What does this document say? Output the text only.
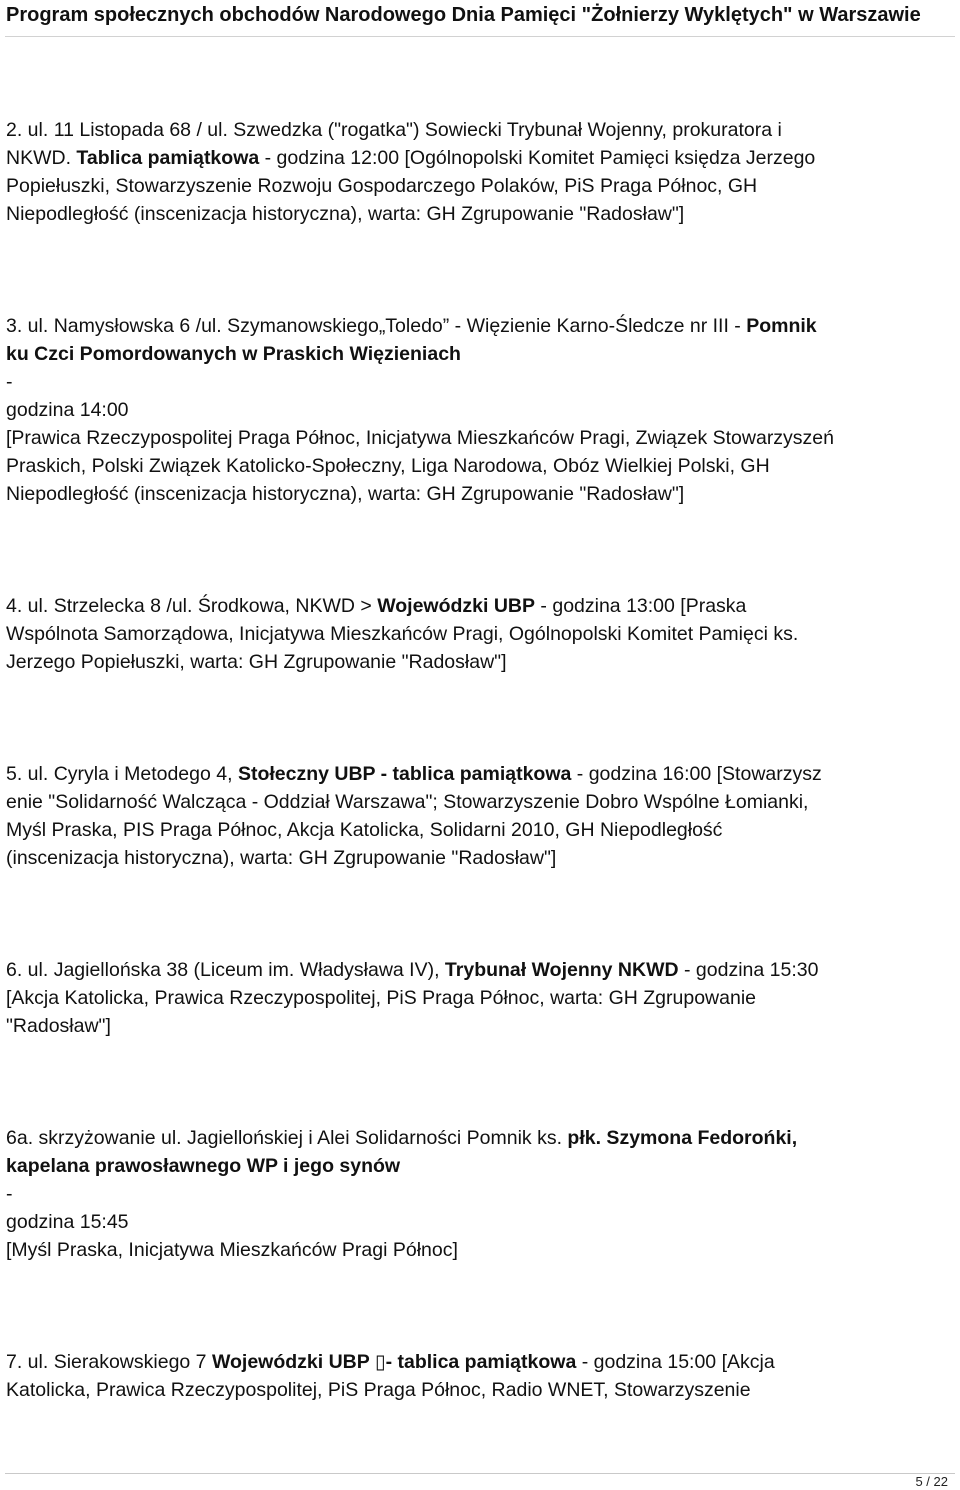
Program społecznych obchodów Narodowego Dnia Pamięci "Żołnierzy Wyklętych" w Warszawie
2. ul. 11 Listopada 68 / ul. Szwedzka ("rogatka") Sowiecki Trybunał Wojenny, prokuratora i
NKWD. Tablica pamiątkowa - godzina 12:00 [Ogólnopolski Komitet Pamięci księdza Jerzego
Popiełuszki, Stowarzyszenie Rozwoju Gospodarczego Polaków, PiS Praga Północ, GH
Niepodległość (inscenizacja historyczna), warta: GH Zgrupowanie "Radosław"]
3. ul. Namysłowska 6 /ul. Szymanowskiego„Toledo” - Więzienie Karno-Śledcze nr III - Pomnik
ku Czci Pomordowanych w Praskich Więzieniach
-
godzina 14:00
[Prawica Rzeczypospolitej Praga Północ, Inicjatywa Mieszkańców Pragi, Związek Stowarzyszeń
Praskich, Polski Związek Katolicko-Społeczny, Liga Narodowa, Obóz Wielkiej Polski, GH
Niepodległość (inscenizacja historyczna), warta: GH Zgrupowanie "Radosław"]
4. ul. Strzelecka 8 /ul. Środkowa, NKWD > Wojewódzki UBP - godzina 13:00 [Praska
Wspólnota Samorządowa, Inicjatywa Mieszkańców Pragi, Ogólnopolski Komitet Pamięci ks.
Jerzego Popiełuszki, warta: GH Zgrupowanie "Radosław"]
5. ul. Cyryla i Metodego 4, Stołeczny UBP - tablica pamiątkowa - godzina 16:00 [Stowarzysz
enie "Solidarność Walcząca - Oddział Warszawa"; Stowarzyszenie Dobro Wspólne Łomianki,
Myśl Praska, PIS Praga Północ, Akcja Katolicka, Solidarni 2010, GH Niepodległość
(inscenizacja historyczna), warta: GH Zgrupowanie "Radosław"]
6. ul. Jagiellońska 38 (Liceum im. Władysława IV), Trybunał Wojenny NKWD - godzina 15:30
[Akcja Katolicka, Prawica Rzeczypospolitej, PiS Praga Północ, warta: GH Zgrupowanie
"Radosław"]
6a. skrzyżowanie ul. Jagiellońskiej i Alei Solidarności Pomnik ks. płk. Szymona Fedorońki,
kapelana prawosławnego WP i jego synów
-
godzina 15:45
[Myśl Praska, Inicjatywa Mieszkańców Pragi Północ]
7. ul. Sierakowskiego 7 Wojewódzki UBP ▯- tablica pamiątkowa - godzina 15:00 [Akcja
Katolicka, Prawica Rzeczypospolitej, PiS Praga Północ, Radio WNET, Stowarzyszenie
5 / 22
